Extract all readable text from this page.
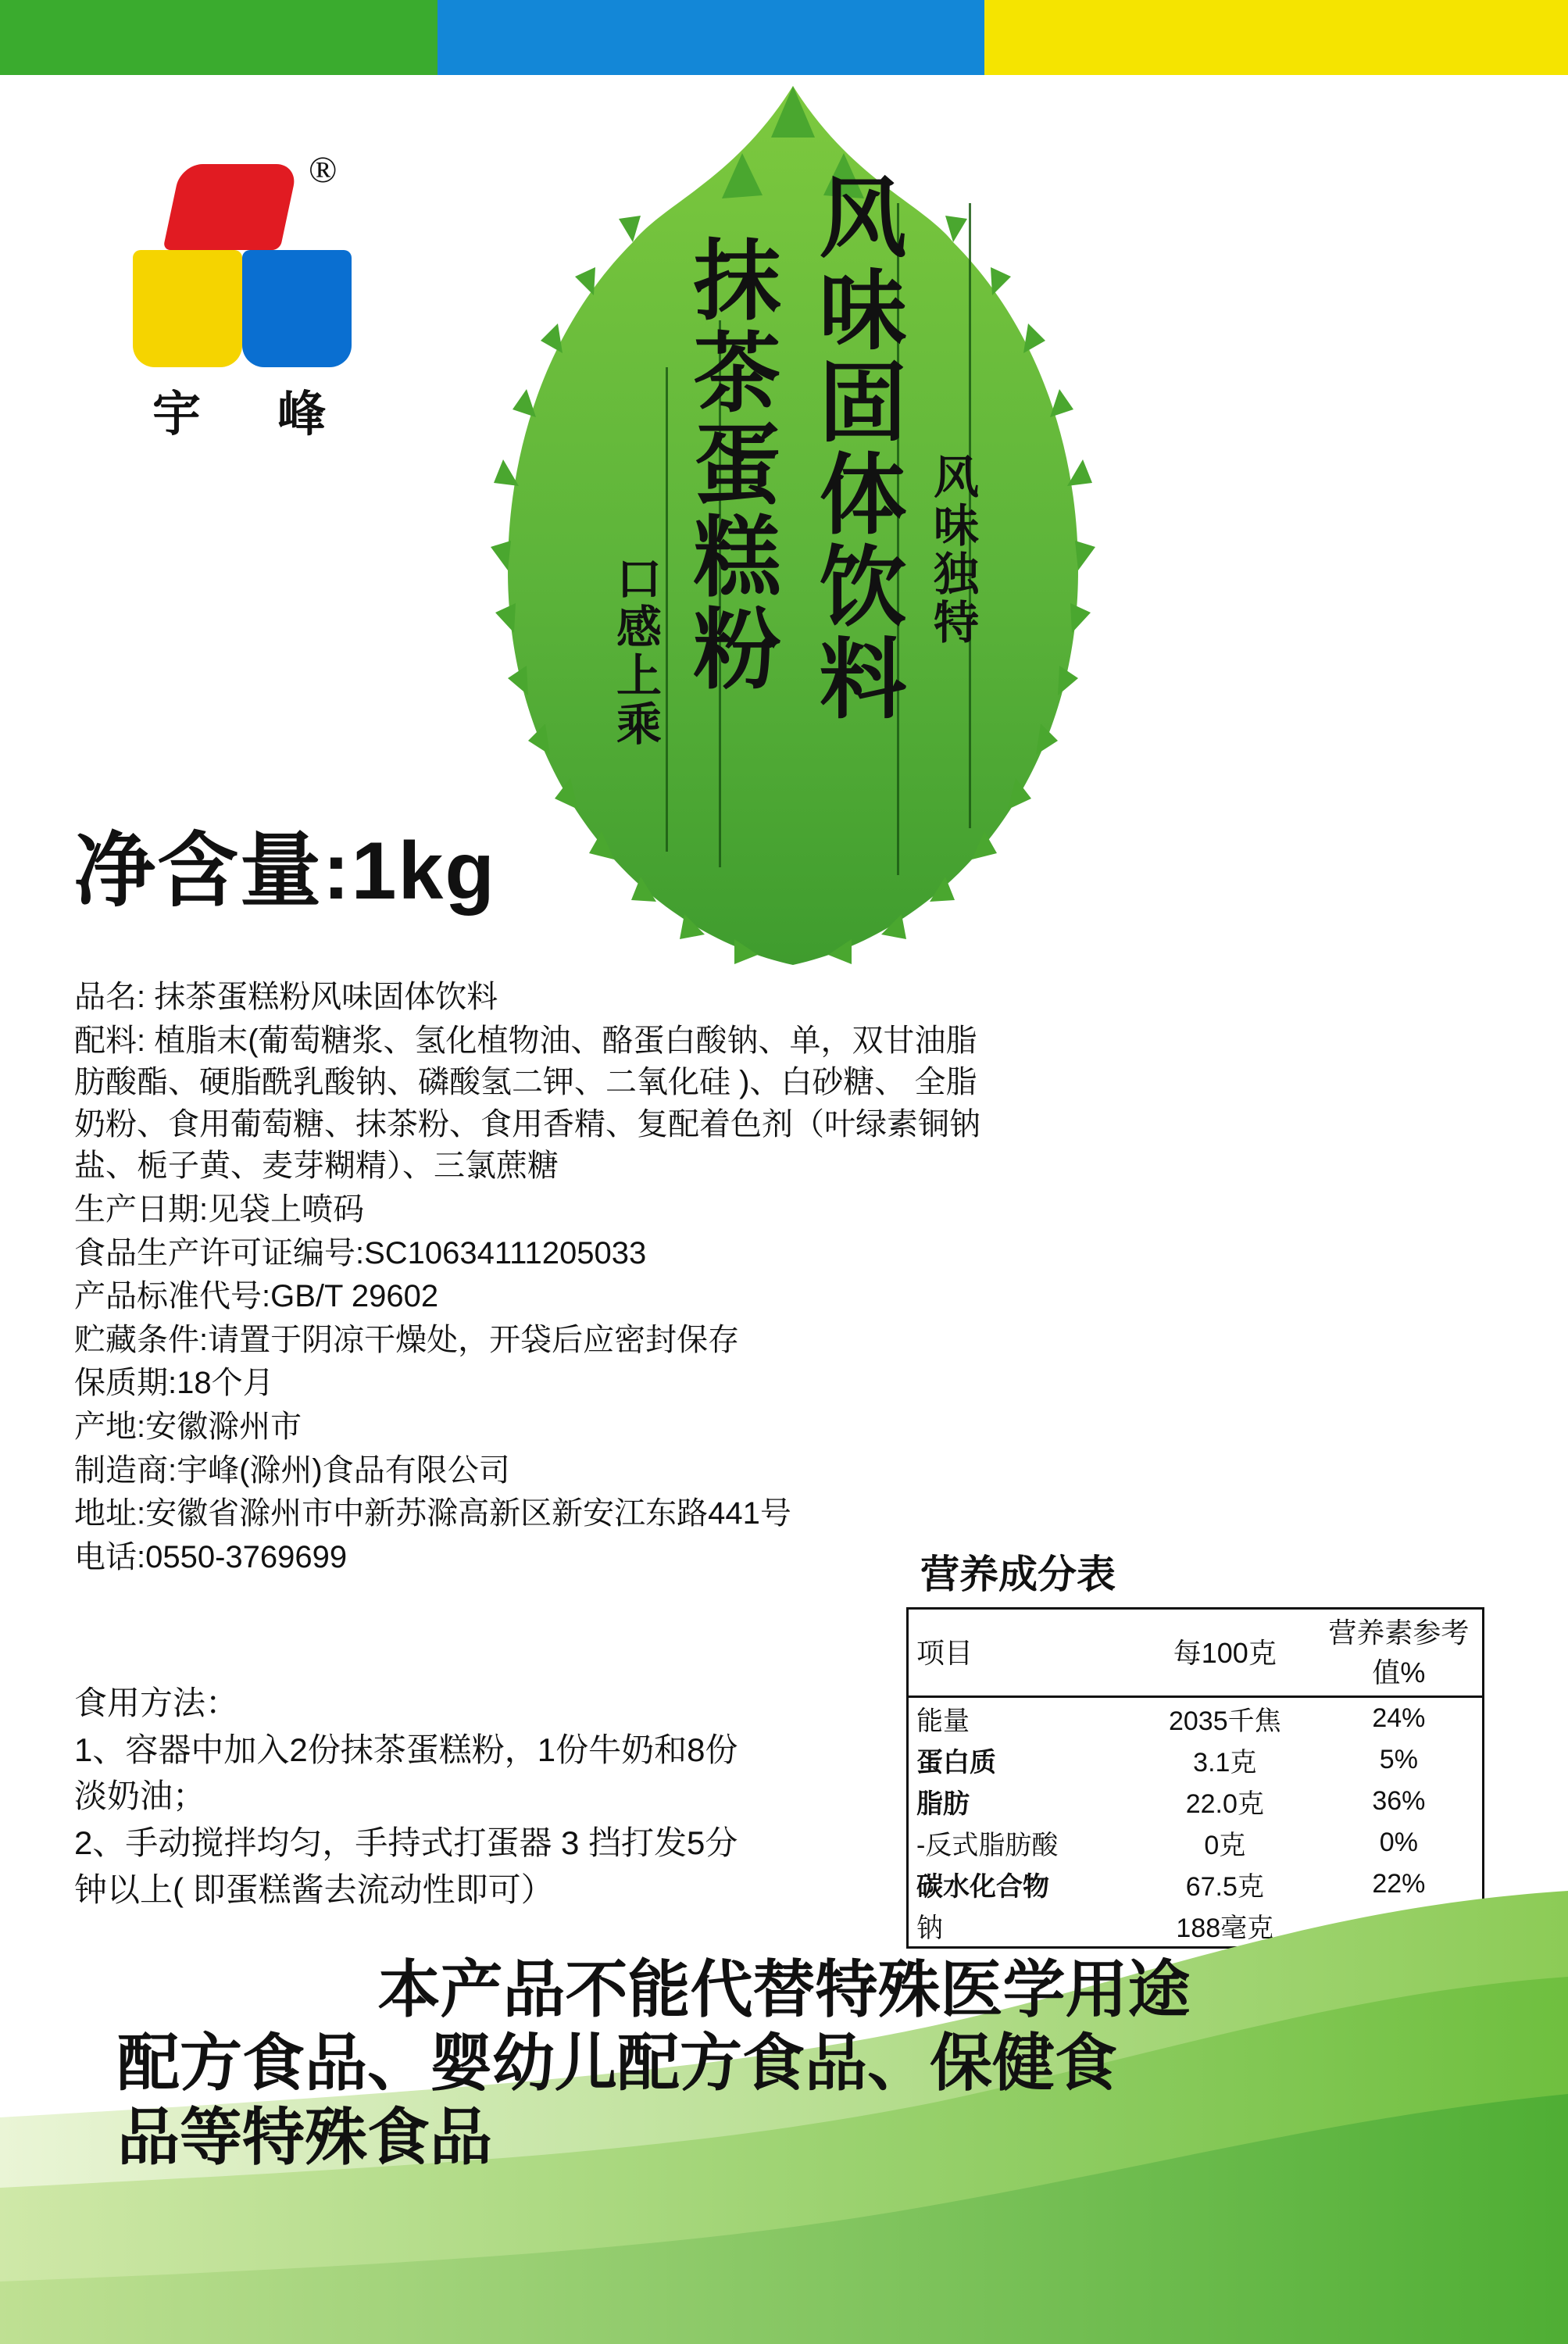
®
宇 峰
风味独特
风味固体饮料
抹茶蛋糕粉
口感上乘
净含量:1kg
品名: 抹茶蛋糕粉风味固体饮料
配料: 植脂末(葡萄糖浆、氢化植物油、酪蛋白酸钠、单，双甘油脂肪酸酯、硬脂酰乳酸钠、磷酸氢二钾、二氧化硅 )、白砂糖、 全脂奶粉、食用葡萄糖、抹茶粉、食用香精、复配着色剂（叶绿素铜钠盐、栀子黄、麦芽糊精）、三氯蔗糖
生产日期:见袋上喷码
食品生产许可证编号:SC10634111205033
产品标准代号:GB/T 29602
贮藏条件:请置于阴凉干燥处，开袋后应密封保存
保质期:18个月
产地:安徽滁州市
制造商:宇峰(滁州)食品有限公司
地址:安徽省滁州市中新苏滁高新区新安江东路441号
电话:0550-3769699
食用方法：
1、容器中加入2份抹茶蛋糕粉，1份牛奶和8份
淡奶油；
2、手动搅拌均匀，手持式打蛋器 3 挡打发5分
钟以上( 即蛋糕酱去流动性即可）
营养成分表
项目	每100克	营养素参考值%
能量	2035千焦	24%
蛋白质	3.1克	5%
脂肪	22.0克	36%
-反式脂肪酸	0克	0%
碳水化合物	67.5克	22%
钠	188毫克	
本产品不能代替特殊医学用途
配方食品、婴幼儿配方食品、保健食
品等特殊食品
